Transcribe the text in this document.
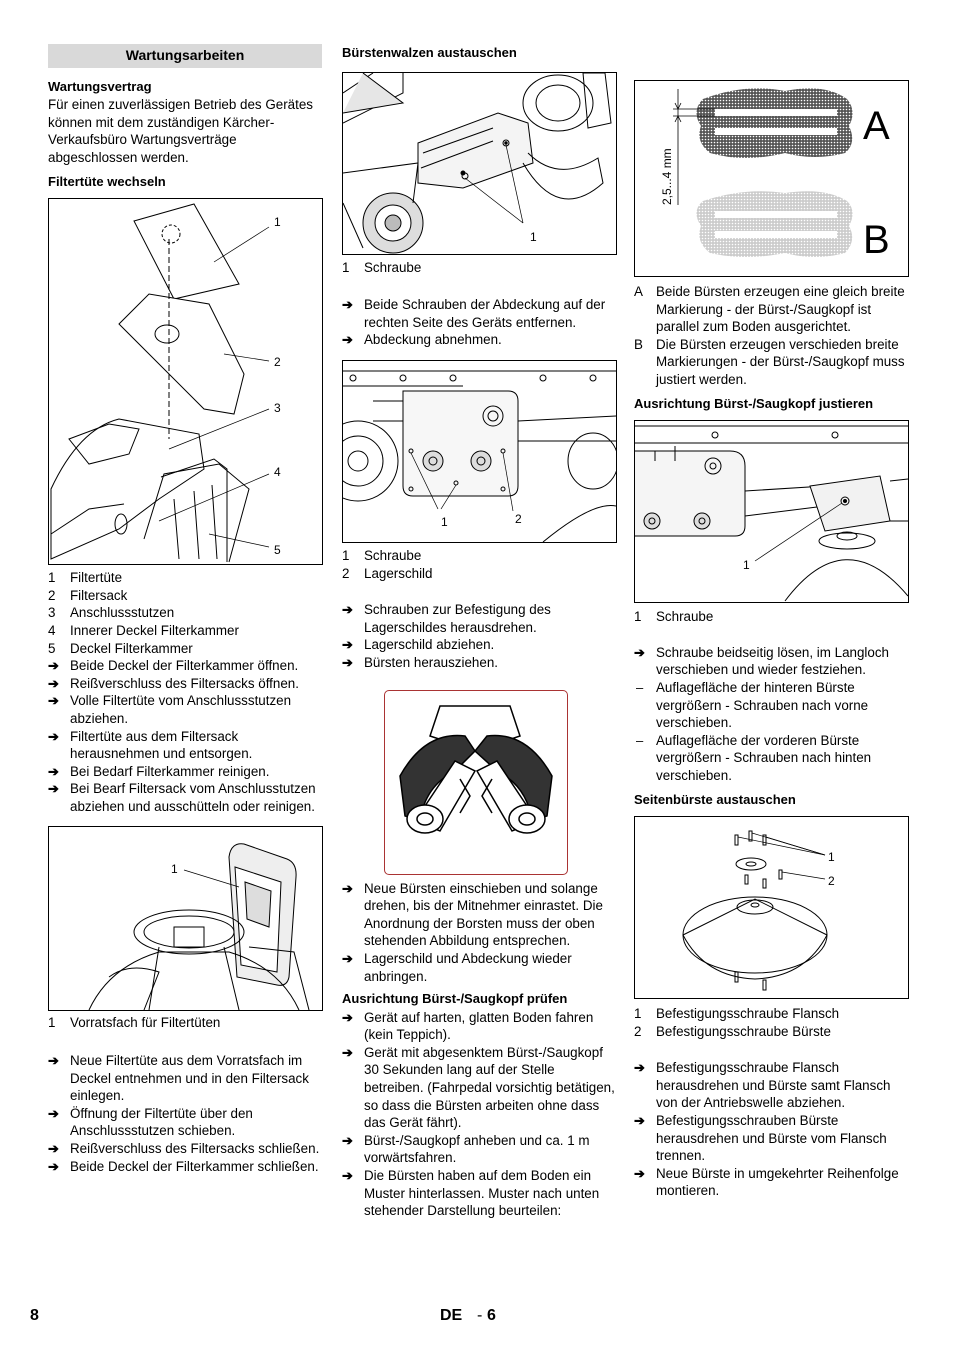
Wartungsarbeiten
Wartungsvertrag

Für einen zuverlässigen Betrieb des Gerätes können mit dem zuständigen Kärcher-Verkaufsbüro Wartungsverträge abgeschlossen werden.

Filtertüte wechseln
1
2
3
4
5
1 Filtertüte
2 Filtersack
3 Anschlussstutzen
4 Innerer Deckel Filterkammer
5 Deckel Filterkammer
➔ Beide Deckel der Filterkammer öffnen.
➔ Reißverschluss des Filtersacks öffnen.
➔ Volle Filtertüte vom Anschlussstutzen abziehen.
➔ Filtertüte aus dem Filtersack herausnehmen und entsorgen.
➔ Bei Bedarf Filterkammer reinigen.
➔ Bei Bearf Filtersack vom Anschlusstutzen abziehen und ausschütteln oder reinigen.
1
1 Vorratsfach für Filtertüten
➔ Neue Filtertüte aus dem Vorratsfach im Deckel entnehmen und in den Filtersack einlegen.
➔ Öffnung der Filtertüte über den Anschlussstutzen schieben.
➔ Reißverschluss des Filtersacks schließen.
➔ Beide Deckel der Filterkammer schließen.
Bürstenwalzen austauschen
1
1 Schraube
➔ Beide Schrauben der Abdeckung auf der rechten Seite des Geräts entfernen.
➔ Abdeckung abnehmen.
1	2
1 Schraube
2 Lagerschild
➔ Schrauben zur Befestigung des Lagerschildes herausdrehen.
➔ Lagerschild abziehen.
➔ Bürsten herausziehen.
➔ Neue Bürsten einschieben und solange drehen, bis der Mitnehmer einrastet. Die Anordnung der Borsten muss der oben stehenden Abbildung entsprechen.
➔ Lagerschild und Abdeckung wieder anbringen.
Ausrichtung Bürst-/Saugkopf prüfen
➔ Gerät auf harten, glatten Boden fahren (kein Teppich).
➔ Gerät mit abgesenktem Bürst-/Saugkopf 30 Sekunden lang auf der Stelle betreiben. (Fahrpedal vorsichtig betätigen, so dass die Bürsten arbeiten ohne dass das Gerät fährt).
➔ Bürst-/Saugkopf anheben und ca. 1 m vorwärtsfahren.
➔ Die Bürsten haben auf dem Boden ein Muster hinterlassen. Muster nach unten stehender Darstellung beurteilen:
A
B
2,5...4 mm
A Beide Bürsten erzeugen eine gleich breite Markierung - der Bürst-/Saugkopf ist parallel zum Boden ausgerichtet.
B Die Bürsten erzeugen verschieden breite Markierungen - der Bürst-/Saugkopf muss justiert werden.
Ausrichtung Bürst-/Saugkopf justieren
1
1 Schraube
➔ Schraube beidseitig lösen, im Langloch verschieben und wieder festziehen.
– Auflagefläche der hinteren Bürste vergrößern - Schrauben nach vorne verschieben.
– Auflagefläche der vorderen Bürste vergrößern - Schrauben nach hinten verschieben.
Seitenbürste austauschen
1
2
1 Befestigungsschraube Flansch
2 Befestigungsschraube Bürste
➔ Befestigungsschraube Flansch herausdrehen und Bürste samt Flansch von der Antriebswelle abziehen.
➔ Befestigungsschrauben Bürste herausdrehen und Bürste vom Flansch trennen.
➔ Neue Bürste in umgekehrter Reihenfolge montieren.
8	DE - 6
